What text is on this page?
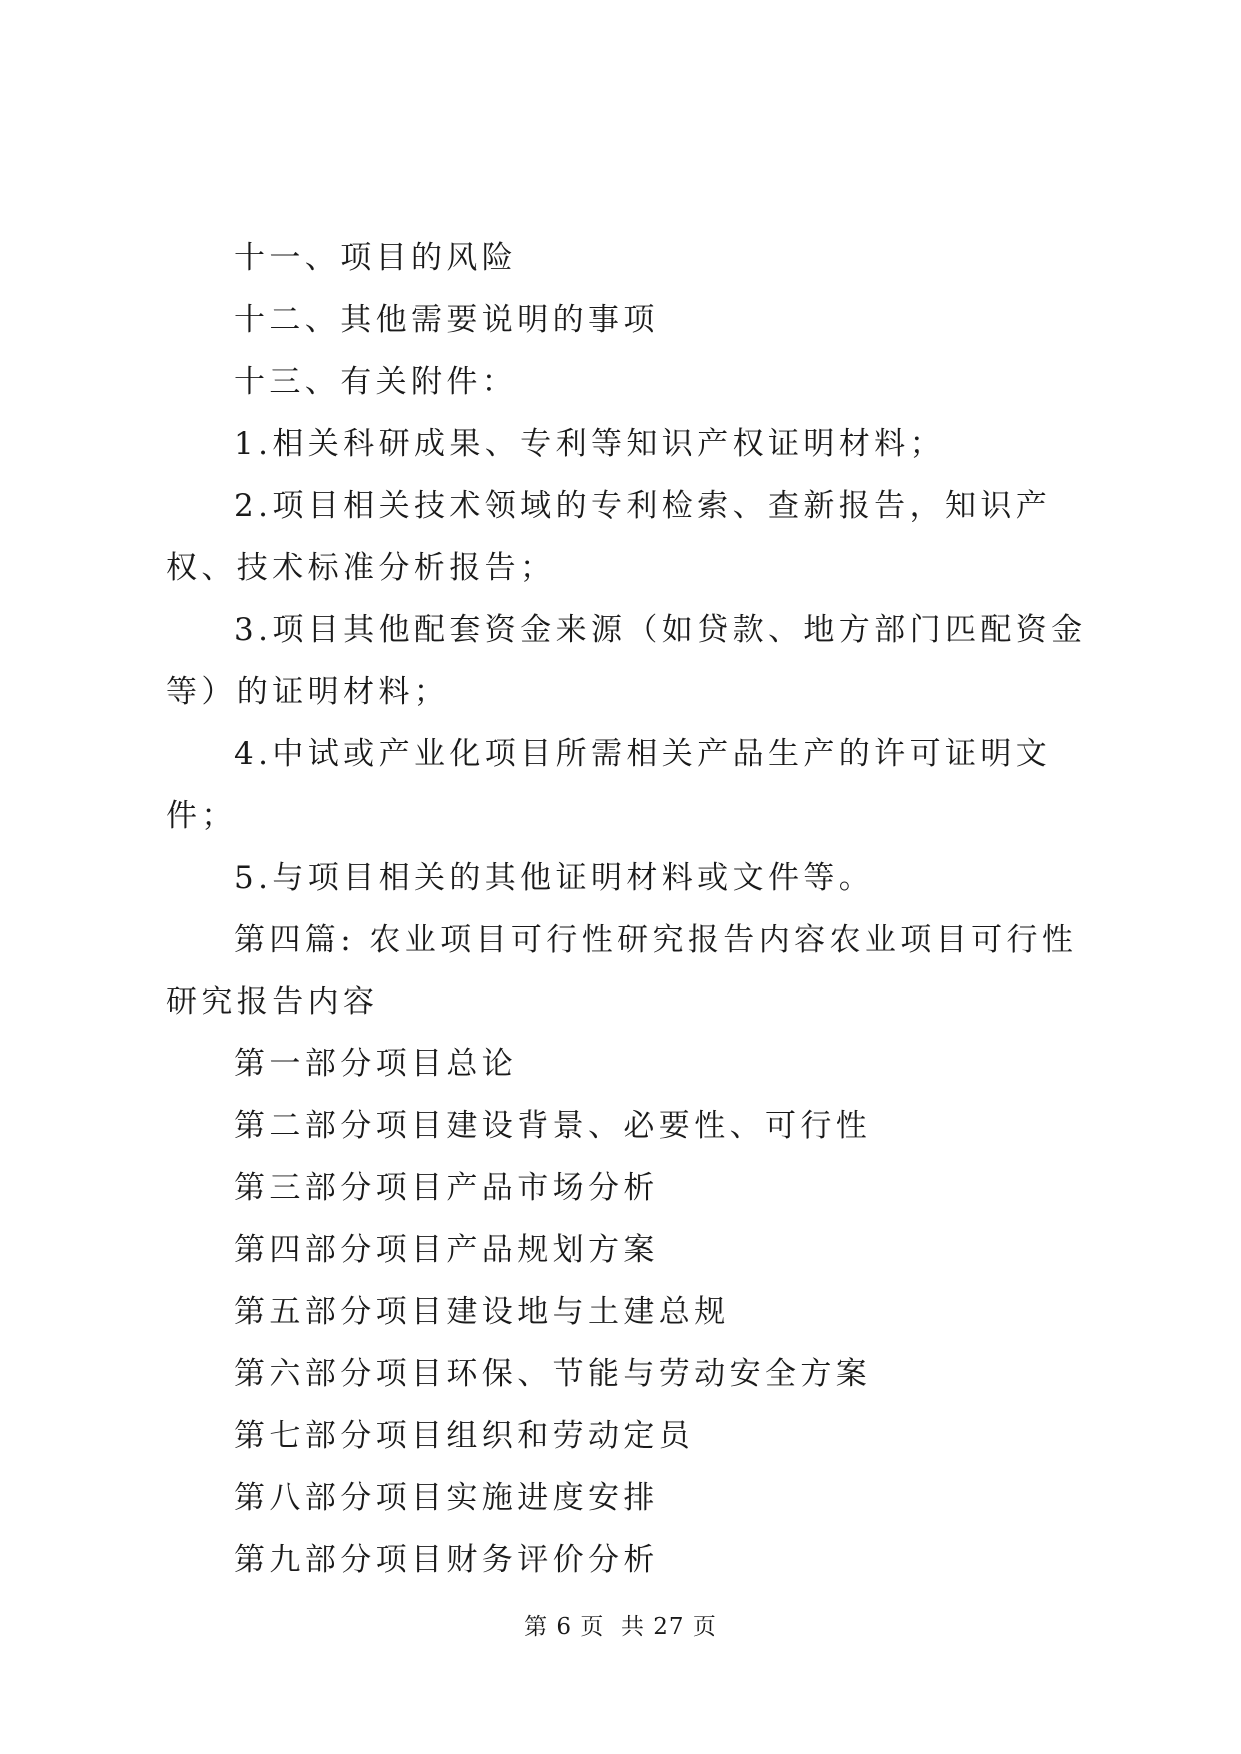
十一、项目的风险

十二、其他需要说明的事项

十三、有关附件：

1.相关科研成果、专利等知识产权证明材料；

2.项目相关技术领域的专利检索、查新报告，知识产权、技术标准分析报告；

3.项目其他配套资金来源（如贷款、地方部门匹配资金等）的证明材料；

4.中试或产业化项目所需相关产品生产的许可证明文件；

5.与项目相关的其他证明材料或文件等。

第四篇: 农业项目可行性研究报告内容农业项目可行性研究报告内容

第一部分项目总论

第二部分项目建设背景、必要性、可行性

第三部分项目产品市场分析

第四部分项目产品规划方案

第五部分项目建设地与土建总规

第六部分项目环保、节能与劳动安全方案

第七部分项目组织和劳动定员

第八部分项目实施进度安排

第九部分项目财务评价分析

第 6 页  共 27 页
